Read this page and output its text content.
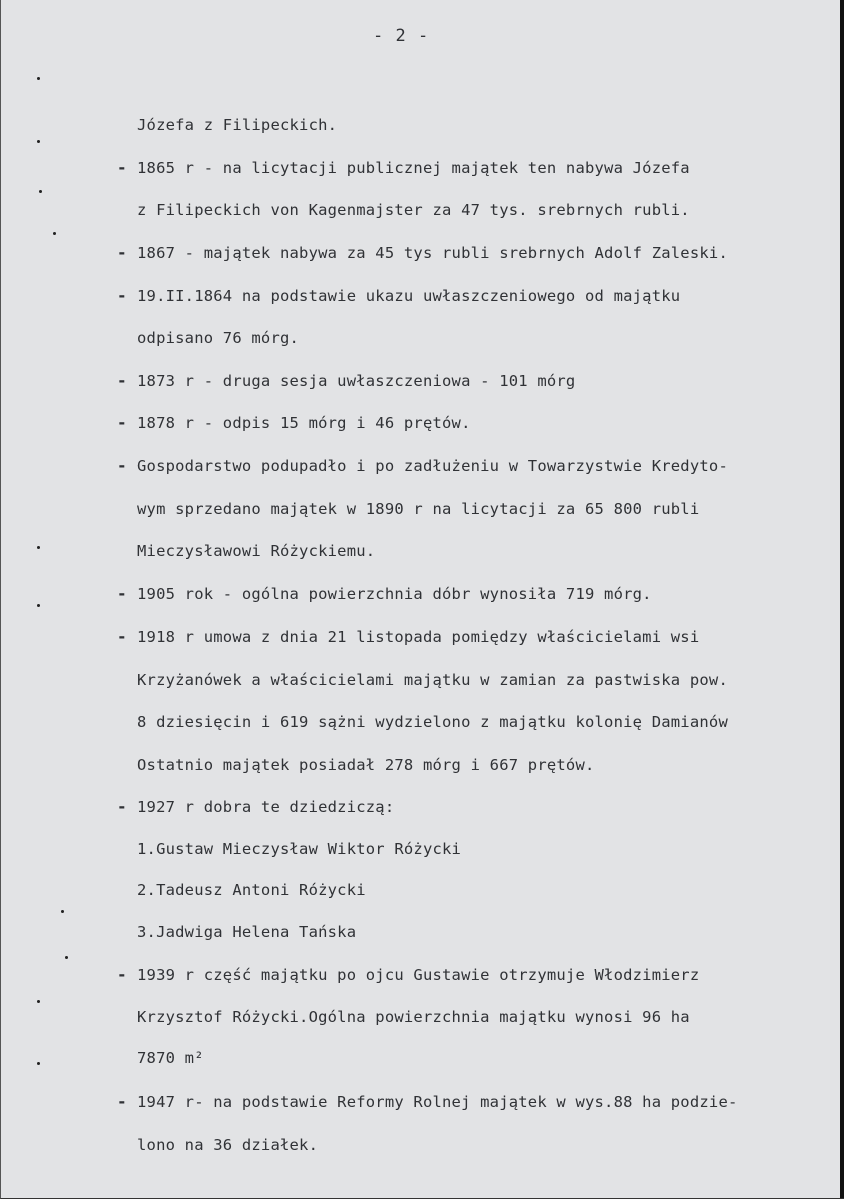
- 2 -
Józefa z Filipeckich.
- 1865 r - na licytacji publicznej majątek ten nabywa Józefa
z Filipeckich von Kagenmajster za 47 tys. srebrnych rubli.
- 1867 - majątek nabywa za 45 tys rubli srebrnych Adolf Zaleski.
- 19.II.1864 na podstawie ukazu uwłaszczeniowego od majątku
odpisano 76 mórg.
- 1873 r - druga sesja uwłaszczeniowa - 101 mórg
- 1878 r - odpis 15 mórg i 46 prętów.
- Gospodarstwo podupadło i po zadłużeniu w Towarzystwie Kredyto-
wym sprzedano majątek w 1890 r na licytacji za 65 800 rubli
Mieczysławowi Różyckiemu.
- 1905 rok - ogólna powierzchnia dóbr wynosiła 719 mórg.
- 1918 r umowa z dnia 21 listopada pomiędzy właścicielami wsi
Krzyżanówek a właścicielami majątku w zamian za pastwiska pow.
8 dziesięcin i 619 sążni wydzielono z majątku kolonię Damianów
Ostatnio majątek posiadał 278 mórg i 667 prętów.
- 1927 r dobra te dziedziczą:
1.Gustaw Mieczysław Wiktor Różycki
2.Tadeusz Antoni Różycki
3.Jadwiga Helena Tańska
- 1939 r część majątku po ojcu Gustawie otrzymuje Włodzimierz
Krzysztof Różycki.Ogólna powierzchnia majątku wynosi 96 ha
7870 m²
- 1947 r- na podstawie Reformy Rolnej majątek w wys.88 ha podzie-
lono na 36 działek.
